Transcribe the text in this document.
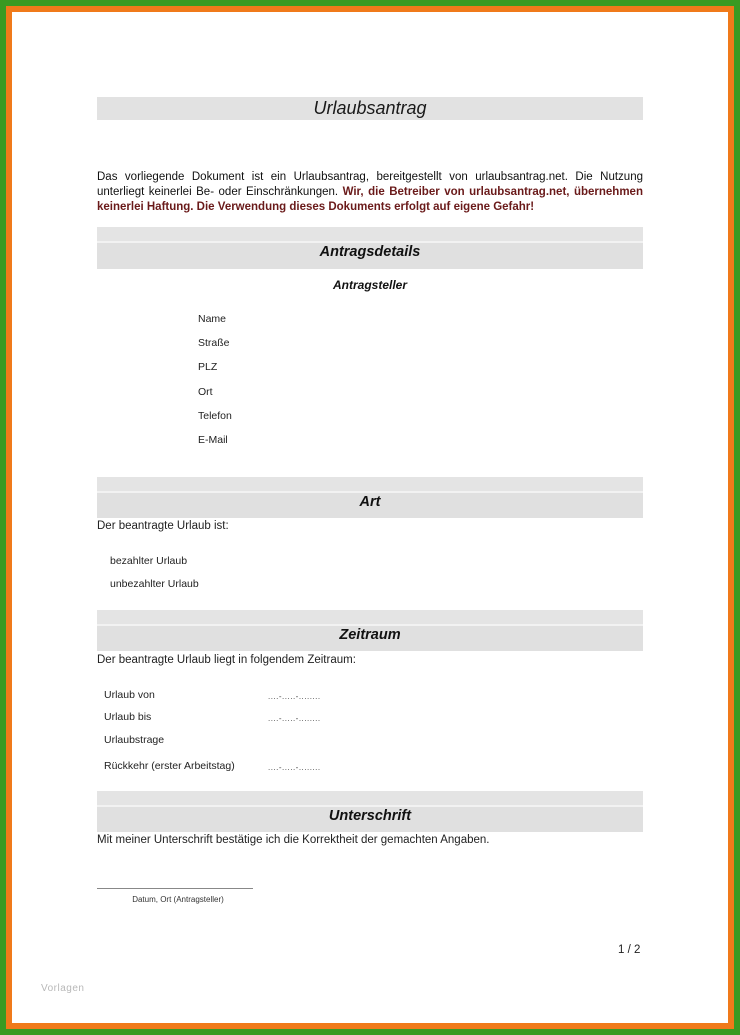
Urlaubsantrag
Das vorliegende Dokument ist ein Urlaubsantrag, bereitgestellt von urlaubsantrag.net. Die Nutzung unterliegt keinerlei Be- oder Einschränkungen. Wir, die Betreiber von urlaubsantrag.net, übernehmen keinerlei Haftung. Die Verwendung dieses Dokuments erfolgt auf eigene Gefahr!
Antragsdetails
Antragsteller
Name
Straße
PLZ
Ort
Telefon
E-Mail
Art
Der beantragte Urlaub ist:
bezahlter Urlaub
unbezahlter Urlaub
Zeitraum
Der beantragte Urlaub liegt in folgendem Zeitraum:
Urlaub von	....-.....-........
Urlaub bis	....-.....-........
Urlaubstrage
Rückkehr (erster Arbeitstag)	....-.....-........
Unterschrift
Mit meiner Unterschrift bestätige ich die Korrektheit der gemachten Angaben.
Datum, Ort (Antragsteller)
1 / 2
Vorlagen
